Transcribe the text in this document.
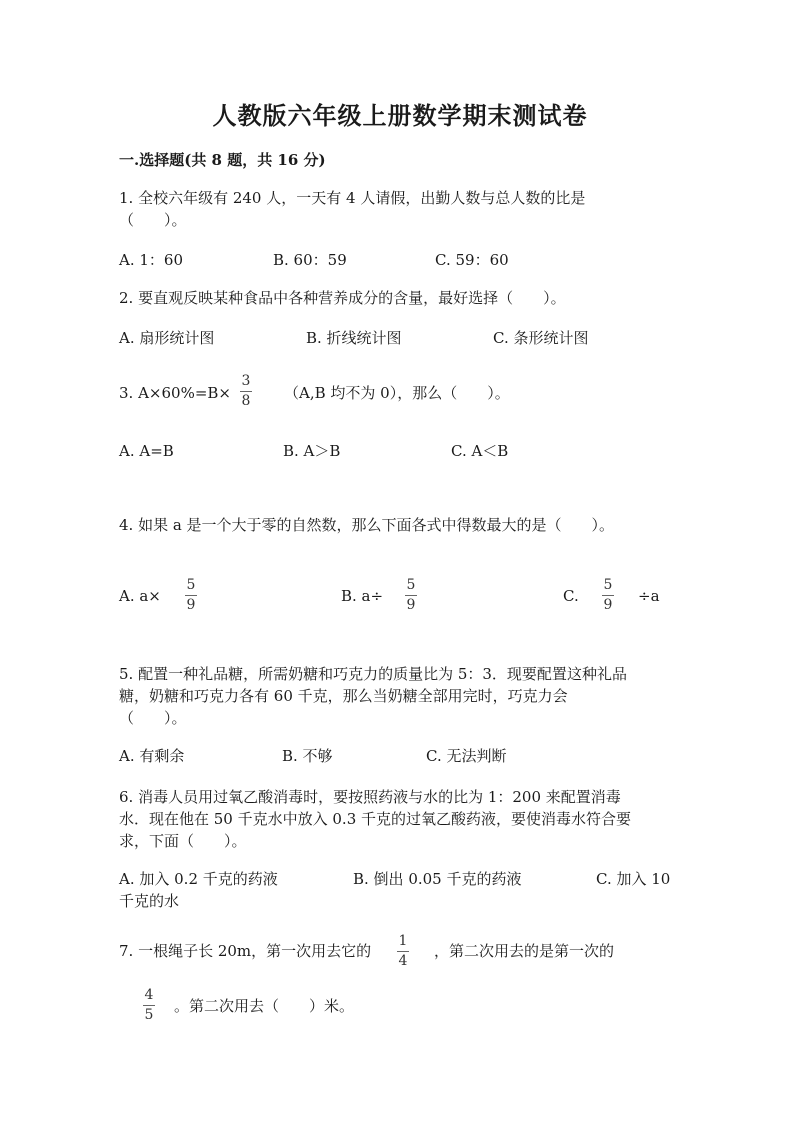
人教版六年级上册数学期末测试卷
一.选择题(共 8 题，共 16 分)
1. 全校六年级有 240 人，一天有 4 人请假，出勤人数与总人数的比是
（　　）。
A. 1：60	B. 60：59	C. 59：60
2. 要直观反映某种食品中各种营养成分的含量，最好选择（　　）。
A. 扇形统计图	B. 折线统计图	C. 条形统计图
3. A×60%=B×
3
8 （A,B 均不为 0），那么（　　）。
A. A=B	B. A＞B	C. A＜B
4. 如果 a 是一个大于零的自然数，那么下面各式中得数最大的是（　　）。
A. a×
5
9	B. a÷
5
9	C.
5
9 ÷a
5. 配置一种礼品糖，所需奶糖和巧克力的质量比为 5：3．现要配置这种礼品
糖，奶糖和巧克力各有 60 千克，那么当奶糖全部用完时，巧克力会
（　　）。
A. 有剩余	B. 不够	C. 无法判断
6. 消毒人员用过氧乙酸消毒时，要按照药液与水的比为 1：200 来配置消毒
水．现在他在 50 千克水中放入 0.3 千克的过氧乙酸药液，要使消毒水符合要
求，下面（　　）。
A. 加入 0.2 千克的药液	B. 倒出 0.05 千克的药液	C. 加入 10
千克的水
7. 一根绳子长 20m，第一次用去它的
1
4
，第二次用去的是第一次的
4
5 。第二次用去（　　）米。
